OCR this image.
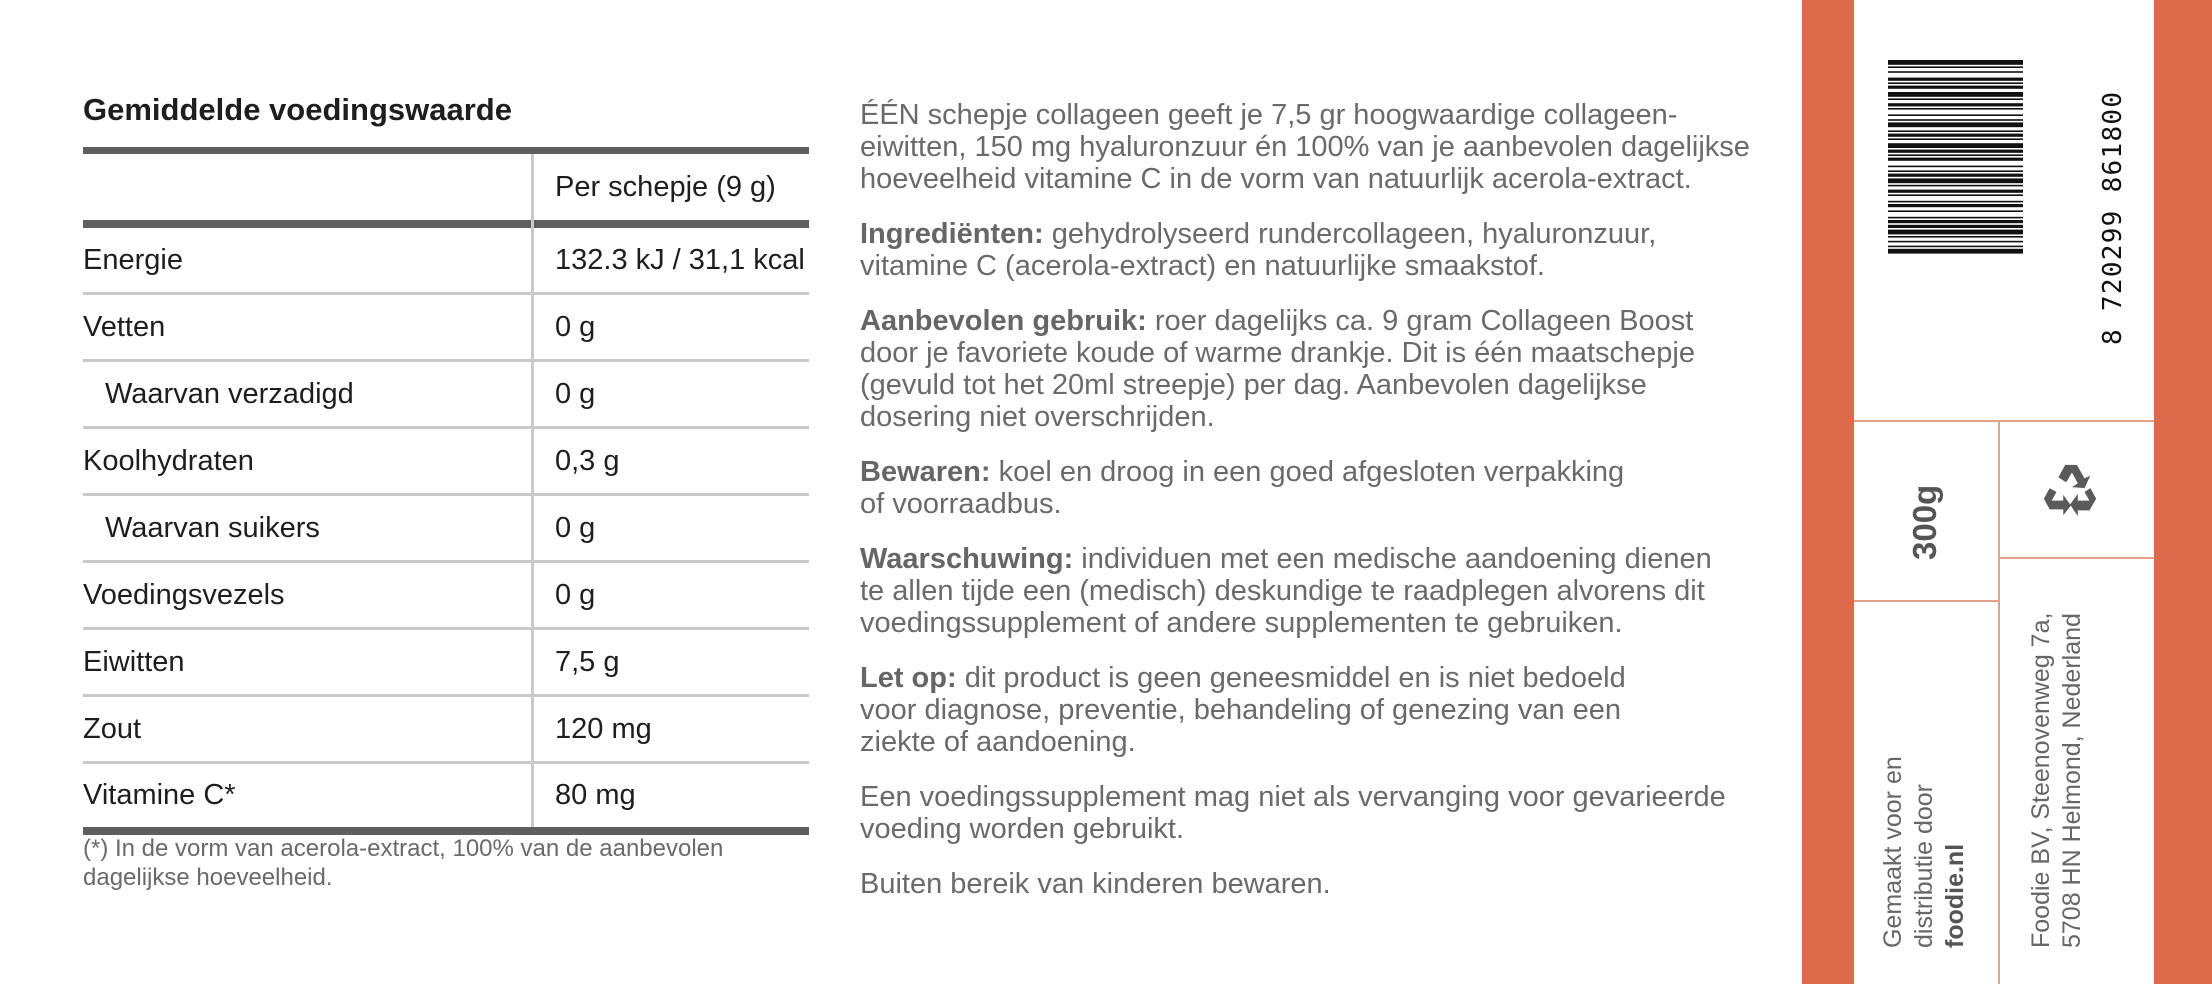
Gemiddelde voedingswaarde
Per schepje (9 g)
Energie	132.3 kJ / 31,1 kcal
Vetten	0 g
Waarvan verzadigd	0 g
Koolhydraten	0,3 g
Waarvan suikers	0 g
Voedingsvezels	0 g
Eiwitten	7,5 g
Zout	120 mg
Vitamine C*	80 mg
(*) In de vorm van acerola-extract, 100% van de aanbevolen
dagelijkse hoeveelheid.

ÉÉN schepje collageen geeft je 7,5 gr hoogwaardige collageen-
eiwitten, 150 mg hyaluronzuur én 100% van je aanbevolen dagelijkse
hoeveelheid vitamine C in de vorm van natuurlijk acerola-extract.

Ingrediënten: gehydrolyseerd rundercollageen, hyaluronzuur,
vitamine C (acerola-extract) en natuurlijke smaakstof.

Aanbevolen gebruik: roer dagelijks ca. 9 gram Collageen Boost
door je favoriete koude of warme drankje. Dit is één maatschepje
(gevuld tot het 20ml streepje) per dag. Aanbevolen dagelijkse
dosering niet overschrijden.

Bewaren: koel en droog in een goed afgesloten verpakking
of voorraadbus.

Waarschuwing: individuen met een medische aandoening dienen
te allen tijde een (medisch) deskundige te raadplegen alvorens dit
voedingssupplement of andere supplementen te gebruiken.

Let op: dit product is geen geneesmiddel en is niet bedoeld
voor diagnose, preventie, behandeling of genezing van een
ziekte of aandoening.

Een voedingssupplement mag niet als vervanging voor gevarieerde
voeding worden gebruikt.

Buiten bereik van kinderen bewaren.

8 720299 861800
300g
Gemaakt voor en distributie door foodie.nl Foodie BV, Steenovenweg 7a, 5708 HN Helmond, Nederland
